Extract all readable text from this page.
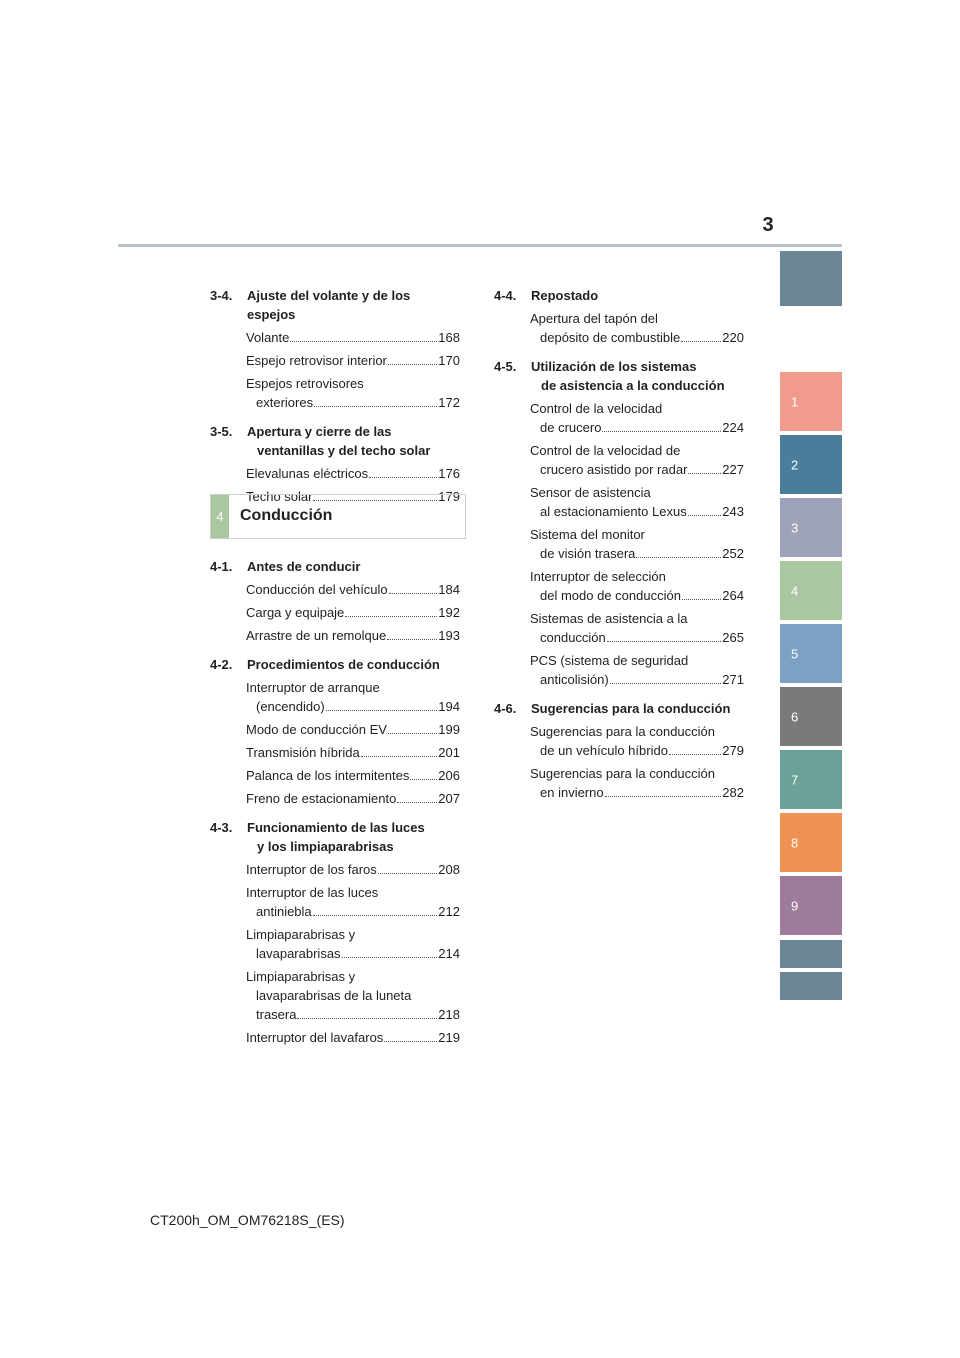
3
1
2
3
4
5
6
7
8
9
3-4. Ajuste del volante y de los espejos
Volante	168
Espejo retrovisor interior	170
Espejos retrovisores
exteriores	172
3-5. Apertura y cierre de las
ventanillas y del techo solar
Elevalunas eléctricos	176
Techo solar	179
4	Conducción
4-1. Antes de conducir
Conducción del vehículo	184
Carga y equipaje	192
Arrastre de un remolque	193
4-2. Procedimientos de conducción
Interruptor de arranque
(encendido)	194
Modo de conducción EV	199
Transmisión híbrida	201
Palanca de los intermitentes 206
Freno de estacionamiento	207
4-3. Funcionamiento de las luces
y los limpiaparabrisas
Interruptor de los faros	208
Interruptor de las luces
antiniebla	212
Limpiaparabrisas y
lavaparabrisas	214
Limpiaparabrisas y
lavaparabrisas de la luneta
trasera	218
Interruptor del lavafaros	219
4-4. Repostado
Apertura del tapón del
depósito de combustible	220
4-5. Utilización de los sistemas
de asistencia a la conducción
Control de la velocidad
de crucero	224
Control de la velocidad de
crucero asistido por radar	227
Sensor de asistencia
al estacionamiento Lexus	243
Sistema del monitor
de visión trasera	252
Interruptor de selección
del modo de conducción	264
Sistemas de asistencia a la
conducción	265
PCS (sistema de seguridad
anticolisión)	271
4-6. Sugerencias para la conducción
Sugerencias para la conducción
de un vehículo híbrido	279
Sugerencias para la conducción
en invierno	282
CT200h_OM_OM76218S_(ES)
